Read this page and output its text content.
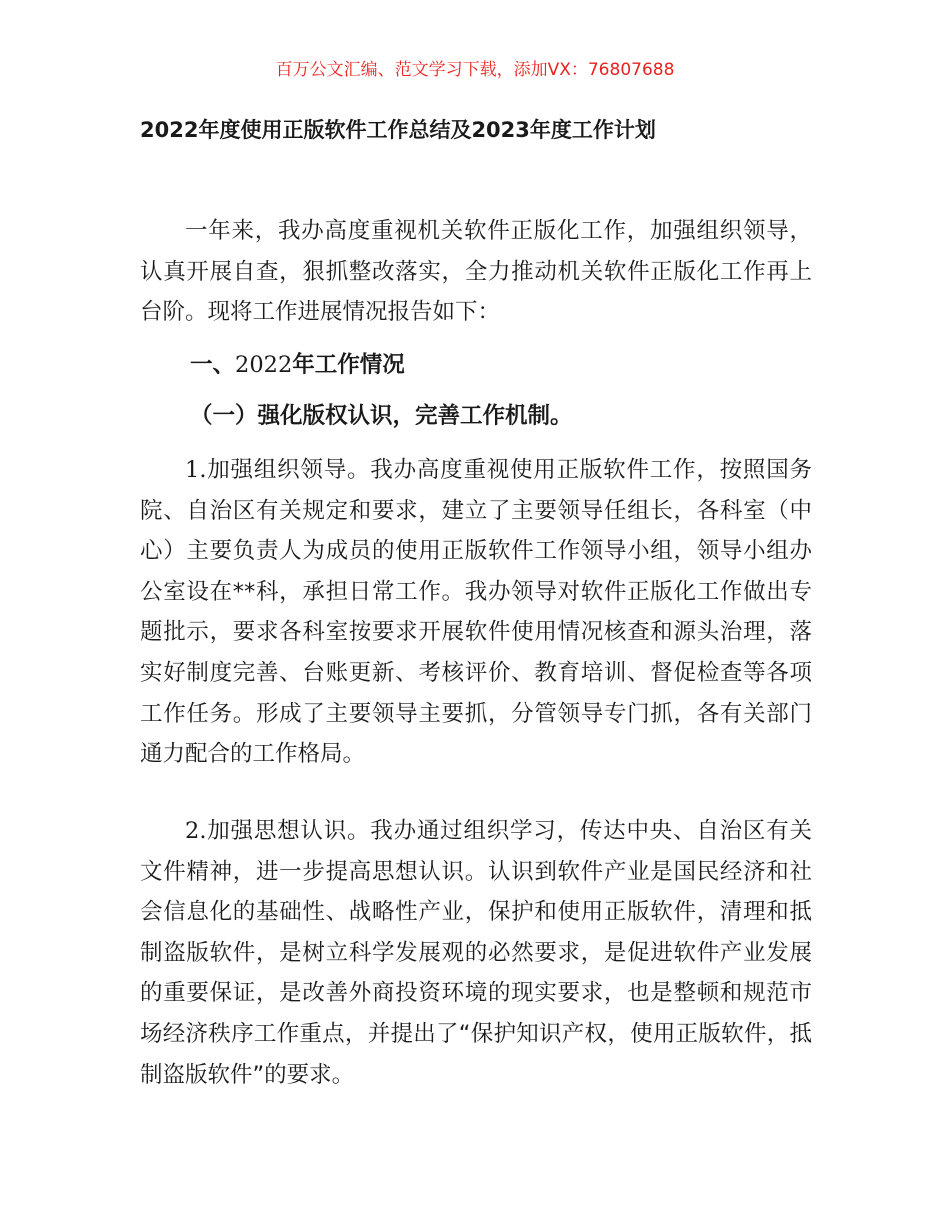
百万公文汇编、范文学习下载，添加VX：76807688
2022年度使用正版软件工作总结及2023年度工作计划

一年来，我办高度重视机关软件正版化工作，加强组织领导，认真开展自查，狠抓整改落实，全力推动机关软件正版化工作再上台阶。现将工作进展情况报告如下：

一、2022年工作情况
（一）强化版权认识，完善工作机制。

1.加强组织领导。我办高度重视使用正版软件工作，按照国务院、自治区有关规定和要求，建立了主要领导任组长，各科室（中心）主要负责人为成员的使用正版软件工作领导小组，领导小组办公室设在**科，承担日常工作。我办领导对软件正版化工作做出专题批示，要求各科室按要求开展软件使用情况核查和源头治理，落实好制度完善、台账更新、考核评价、教育培训、督促检查等各项工作任务。形成了主要领导主要抓，分管领导专门抓，各有关部门通力配合的工作格局。

2.加强思想认识。我办通过组织学习，传达中央、自治区有关文件精神，进一步提高思想认识。认识到软件产业是国民经济和社会信息化的基础性、战略性产业，保护和使用正版软件，清理和抵制盗版软件，是树立科学发展观的必然要求，是促进软件产业发展的重要保证，是改善外商投资环境的现实要求，也是整顿和规范市场经济秩序工作重点，并提出了“保护知识产权，使用正版软件，抵制盗版软件”的要求。
